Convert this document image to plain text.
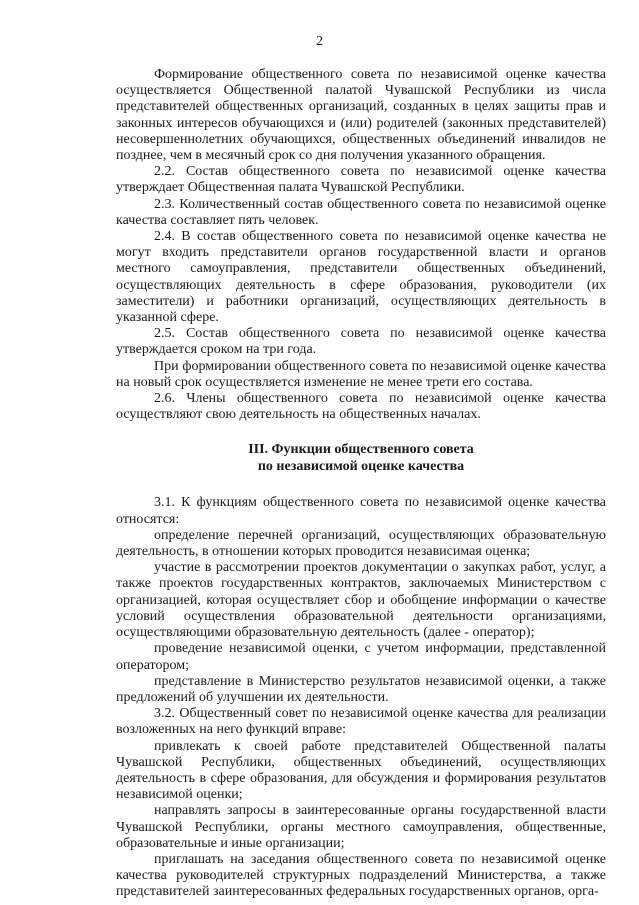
2

Формирование общественного совета по независимой оценке качества осуществляется Общественной палатой Чувашской Республики из числа представителей общественных организаций, созданных в целях защиты прав и законных интересов обучающихся и (или) родителей (законных представителей) несовершеннолетних обучающихся, общественных объединений инвалидов не позднее, чем в месячный срок со дня получения указанного обращения.

2.2. Состав общественного совета по независимой оценке качества утверждает Общественная палата Чувашской Республики.

2.3. Количественный состав общественного совета по независимой оценке качества составляет пять человек.

2.4. В состав общественного совета по независимой оценке качества не могут входить представители органов государственной власти и органов местного самоуправления, представители общественных объединений, осуществляющих деятельность в сфере образования, руководители (их заместители) и работники организаций, осуществляющих деятельность в указанной сфере.

2.5. Состав общественного совета по независимой оценке качества утверждается сроком на три года.

При формировании общественного совета по независимой оценке качества на новый срок осуществляется изменение не менее трети его состава.

2.6. Члены общественного совета по независимой оценке качества осуществляют свою деятельность на общественных началах.

III. Функции общественного совета
по независимой оценке качества

3.1. К функциям общественного совета по независимой оценке качества относятся:

определение перечней организаций, осуществляющих образовательную деятельность, в отношении которых проводится независимая оценка;

участие в рассмотрении проектов документации о закупках работ, услуг, а также проектов государственных контрактов, заключаемых Министерством с организацией, которая осуществляет сбор и обобщение информации о качестве условий осуществления образовательной деятельности организациями, осуществляющими образовательную деятельность (далее - оператор);

проведение независимой оценки, с учетом информации, представленной оператором;

представление в Министерство результатов независимой оценки, а также предложений об улучшении их деятельности.

3.2. Общественный совет по независимой оценке качества для реализации возложенных на него функций вправе:

привлекать к своей работе представителей Общественной палаты Чувашской Республики, общественных объединений, осуществляющих деятельность в сфере образования, для обсуждения и формирования результатов независимой оценки;

направлять запросы в заинтересованные органы государственной власти Чувашской Республики, органы местного самоуправления, общественные, образовательные и иные организации;

приглашать на заседания общественного совета по независимой оценке качества руководителей структурных подразделений Министерства, а также представителей заинтересованных федеральных государственных органов, орга-
